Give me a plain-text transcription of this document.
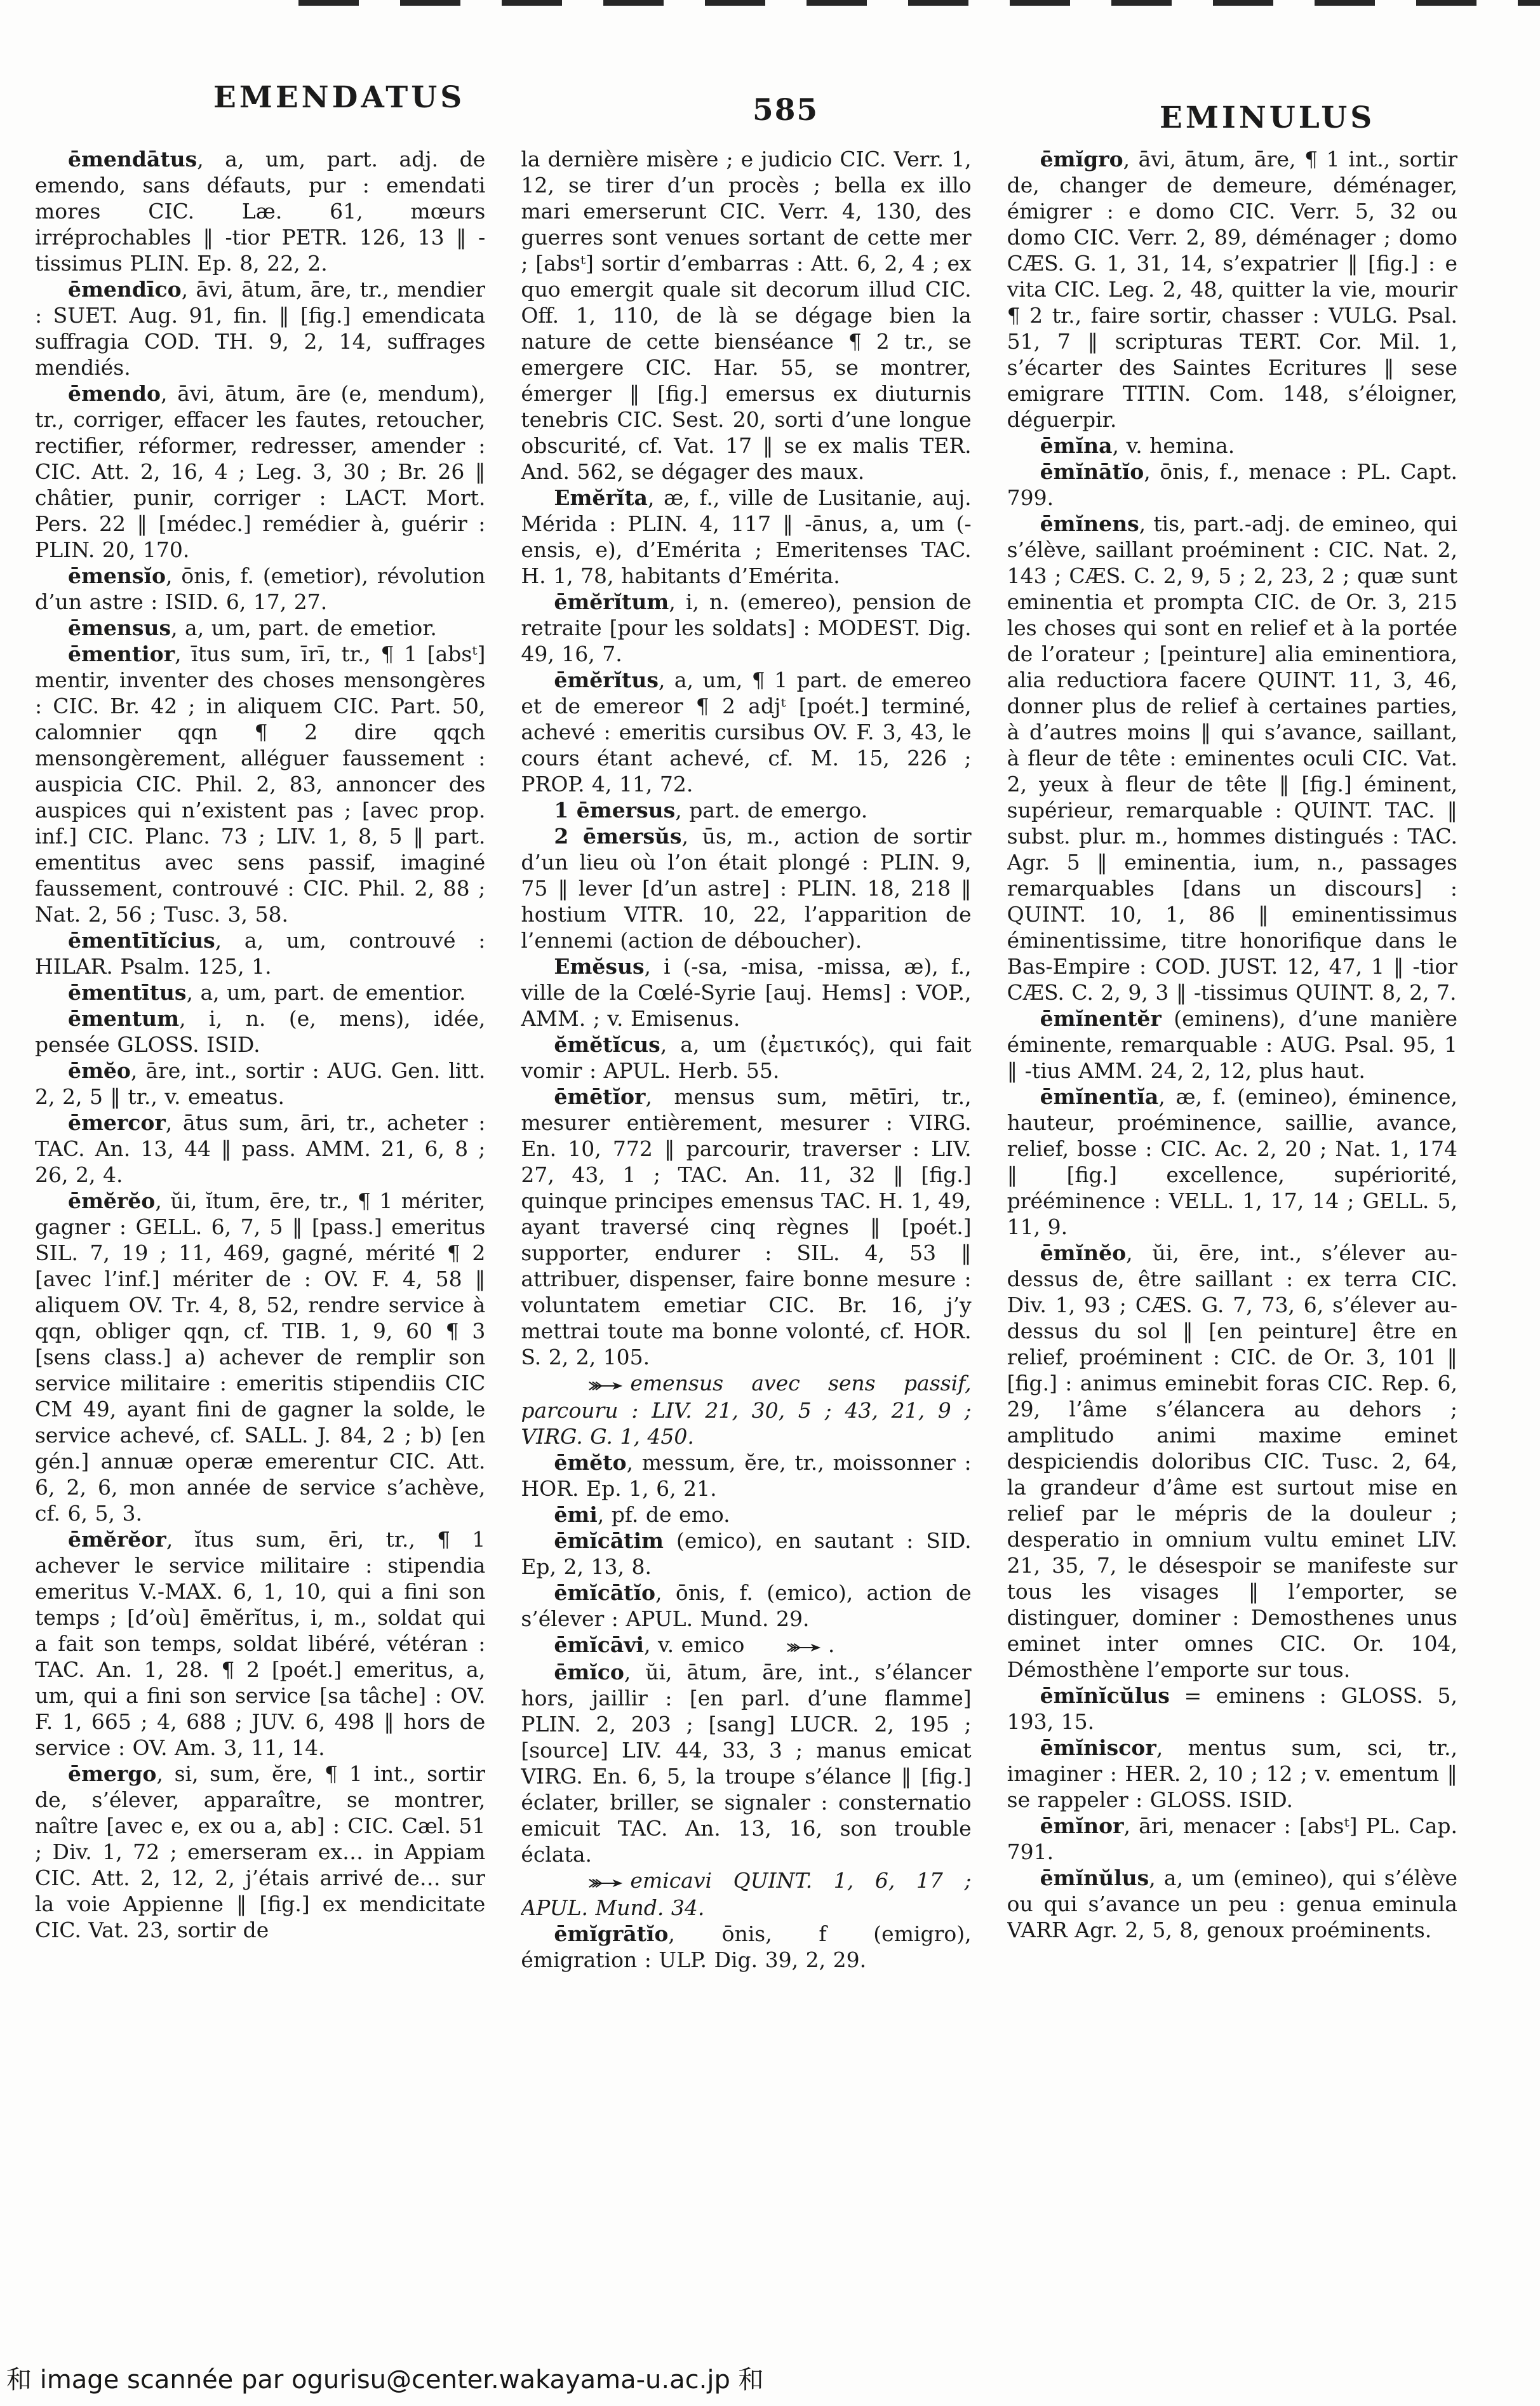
EMENDATUS	585	EMINULUS

ēmendātus, a, um, part. adj. de emendo, sans défauts, pur : emendati mores CIC. Læ. 61, mœurs irréprochables ‖ -tior PETR. 126, 13 ‖ -tissimus PLIN. Ep. 8, 22, 2.

ēmendīco, āvi, ātum, āre, tr., mendier : SUET. Aug. 91, fin. ‖ [fig.] emendicata suffragia COD. TH. 9, 2, 14, suffrages mendiés.

ēmendo, āvi, ātum, āre (e, mendum), tr., corriger, effacer les fautes, retoucher, rectifier, réformer, redresser, amender : CIC. Att. 2, 16, 4 ; Leg. 3, 30 ; Br. 26 ‖ châtier, punir, corriger : LACT. Mort. Pers. 22 ‖ [médec.] remédier à, guérir : PLIN. 20, 170.

ēmensĭo, ōnis, f. (emetior), révolution d’un astre : ISID. 6, 17, 27.

ēmensus, a, um, part. de emetior.

ēmentior, ītus sum, īrī, tr., ¶ 1 [absᵗ] mentir, inventer des choses mensongères : CIC. Br. 42 ; in aliquem CIC. Part. 50, calomnier qqn ¶ 2 dire qqch mensongèrement, alléguer faussement : auspicia CIC. Phil. 2, 83, annoncer des auspices qui n’existent pas ; [avec prop. inf.] CIC. Planc. 73 ; LIV. 1, 8, 5 ‖ part. ementitus avec sens passif, imaginé faussement, controuvé : CIC. Phil. 2, 88 ; Nat. 2, 56 ; Tusc. 3, 58.

ēmentītĭcius, a, um, controuvé : HILAR. Psalm. 125, 1.

ēmentītus, a, um, part. de ementior.

ēmentum, i, n. (e, mens), idée, pensée GLOSS. ISID.

ēmĕo, āre, int., sortir : AUG. Gen. litt. 2, 2, 5 ‖ tr., v. emeatus.

ēmercor, ātus sum, āri, tr., acheter : TAC. An. 13, 44 ‖ pass. AMM. 21, 6, 8 ; 26, 2, 4.

ēmĕrĕo, ŭi, ĭtum, ēre, tr., ¶ 1 mériter, gagner : GELL. 6, 7, 5 ‖ [pass.] emeritus SIL. 7, 19 ; 11, 469, gagné, mérité ¶ 2 [avec l’inf.] mériter de : OV. F. 4, 58 ‖ aliquem OV. Tr. 4, 8, 52, rendre service à qqn, obliger qqn, cf. TIB. 1, 9, 60 ¶ 3 [sens class.] a) achever de remplir son service militaire : emeritis stipendiis CIC CM 49, ayant fini de gagner la solde, le service achevé, cf. SALL. J. 84, 2 ; b) [en gén.] annuæ operæ emerentur CIC. Att. 6, 2, 6, mon année de service s’achève, cf. 6, 5, 3.

ēmĕrĕor, ĭtus sum, ēri, tr., ¶ 1 achever le service militaire : stipendia emeritus V.-MAX. 6, 1, 10, qui a fini son temps ; [d’où] ēmĕrĭtus, i, m., soldat qui a fait son temps, soldat libéré, vétéran : TAC. An. 1, 28. ¶ 2 [poét.] emeritus, a, um, qui a fini son service [sa tâche] : OV. F. 1, 665 ; 4, 688 ; JUV. 6, 498 ‖ hors de service : OV. Am. 3, 11, 14.

ēmergo, si, sum, ĕre, ¶ 1 int., sortir de, s’élever, apparaître, se montrer, naître [avec e, ex ou a, ab] : CIC. Cæl. 51 ; Div. 1, 72 ; emerseram ex… in Appiam CIC. Att. 2, 12, 2, j’étais arrivé de… sur la voie Appienne ‖ [fig.] ex mendicitate CIC. Vat. 23, sortir de

la dernière misère ; e judicio CIC. Verr. 1, 12, se tirer d’un procès ; bella ex illo mari emerserunt CIC. Verr. 4, 130, des guerres sont venues sortant de cette mer ; [absᵗ] sortir d’embarras : Att. 6, 2, 4 ; ex quo emergit quale sit decorum illud CIC. Off. 1, 110, de là se dégage bien la nature de cette bienséance ¶ 2 tr., se emergere CIC. Har. 55, se montrer, émerger ‖ [fig.] emersus ex diuturnis tenebris CIC. Sest. 20, sorti d’une longue obscurité, cf. Vat. 17 ‖ se ex malis TER. And. 562, se dégager des maux.

Emĕrĭta, æ, f., ville de Lusitanie, auj. Mérida : PLIN. 4, 117 ‖ -ānus, a, um (-ensis, e), d’Emérita ; Emeritenses TAC. H. 1, 78, habitants d’Emérita.

ēmĕrĭtum, i, n. (emereo), pension de retraite [pour les soldats] : MODEST. Dig. 49, 16, 7.

ēmĕrĭtus, a, um, ¶ 1 part. de emereo et de emereor ¶ 2 adjᵗ [poét.] terminé, achevé : emeritis cursibus OV. F. 3, 43, le cours étant achevé, cf. M. 15, 226 ; PROP. 4, 11, 72.

1 ēmersus, part. de emergo.

2 ēmersŭs, ūs, m., action de sortir d’un lieu où l’on était plongé : PLIN. 9, 75 ‖ lever [d’un astre] : PLIN. 18, 218 ‖ hostium VITR. 10, 22, l’apparition de l’ennemi (action de déboucher).

Emĕsus, i (-sa, -misa, -missa, æ), f., ville de la Cœlé-Syrie [auj. Hems] : VOP., AMM. ; v. Emisenus.

ĕmĕtĭcus, a, um (ἐμετικός), qui fait vomir : APUL. Herb. 55.

ēmētĭor, mensus sum, mētīri, tr., mesurer entièrement, mesurer : VIRG. En. 10, 772 ‖ parcourir, traverser : LIV. 27, 43, 1 ; TAC. An. 11, 32 ‖ [fig.] quinque principes emensus TAC. H. 1, 49, ayant traversé cinq règnes ‖ [poét.] supporter, endurer : SIL. 4, 53 ‖ attribuer, dispenser, faire bonne mesure : voluntatem emetiar CIC. Br. 16, j’y mettrai toute ma bonne volonté, cf. HOR. S. 2, 2, 105.

emensus avec sens passif, parcouru : LIV. 21, 30, 5 ; 43, 21, 9 ; VIRG. G. 1, 450.

ēmĕto, messum, ĕre, tr., moissonner : HOR. Ep. 1, 6, 21.

ēmi, pf. de emo.

ēmĭcātim (emico), en sautant : SID. Ep, 2, 13, 8.

ēmĭcātĭo, ōnis, f. (emico), action de s’élever : APUL. Mund. 29.

ēmĭcāvi, v. emico	.

ēmĭco, ŭi, ātum, āre, int., s’élancer hors, jaillir : [en parl. d’une flamme] PLIN. 2, 203 ; [sang] LUCR. 2, 195 ; [source] LIV. 44, 33, 3 ; manus emicat VIRG. En. 6, 5, la troupe s’élance ‖ [fig.] éclater, briller, se signaler : consternatio emicuit TAC. An. 13, 16, son trouble éclata.

emicavi QUINT. 1, 6, 17 ; APUL. Mund. 34.

ēmĭgrātĭo, ōnis, f (emigro), émigration : ULP. Dig. 39, 2, 29.

ēmĭgro, āvi, ātum, āre, ¶ 1 int., sortir de, changer de demeure, déménager, émigrer : e domo CIC. Verr. 5, 32 ou domo CIC. Verr. 2, 89, déménager ; domo CÆS. G. 1, 31, 14, s’expatrier ‖ [fig.] : e vita CIC. Leg. 2, 48, quitter la vie, mourir ¶ 2 tr., faire sortir, chasser : VULG. Psal. 51, 7 ‖ scripturas TERT. Cor. Mil. 1, s’écarter des Saintes Ecritures ‖ sese emigrare TITIN. Com. 148, s’éloigner, déguerpir.

ēmĭna, v. hemina.

ēmĭnātĭo, ōnis, f., menace : PL. Capt. 799.

ēmĭnens, tis, part.-adj. de emineo, qui s’élève, saillant proéminent : CIC. Nat. 2, 143 ; CÆS. C. 2, 9, 5 ; 2, 23, 2 ; quæ sunt eminentia et prompta CIC. de Or. 3, 215 les choses qui sont en relief et à la portée de l’orateur ; [peinture] alia eminentiora, alia reductiora facere QUINT. 11, 3, 46, donner plus de relief à certaines parties, à d’autres moins ‖ qui s’avance, saillant, à fleur de tête : eminentes oculi CIC. Vat. 2, yeux à fleur de tête ‖ [fig.] éminent, supérieur, remarquable : QUINT. TAC. ‖ subst. plur. m., hommes distingués : TAC. Agr. 5 ‖ eminentia, ium, n., passages remarquables [dans un discours] : QUINT. 10, 1, 86 ‖ eminentissimus éminentissime, titre honorifique dans le Bas-Empire : COD. JUST. 12, 47, 1 ‖ -tior CÆS. C. 2, 9, 3 ‖ -tissimus QUINT. 8, 2, 7.

ēmĭnentĕr (eminens), d’une manière éminente, remarquable : AUG. Psal. 95, 1 ‖ -tius AMM. 24, 2, 12, plus haut.

ēmĭnentĭa, æ, f. (emineo), éminence, hauteur, proéminence, saillie, avance, relief, bosse : CIC. Ac. 2, 20 ; Nat. 1, 174 ‖ [fig.] excellence, supériorité, prééminence : VELL. 1, 17, 14 ; GELL. 5, 11, 9.

ēmĭnĕo, ŭi, ēre, int., s’élever au-dessus de, être saillant : ex terra CIC. Div. 1, 93 ; CÆS. G. 7, 73, 6, s’élever au-dessus du sol ‖ [en peinture] être en relief, proéminent : CIC. de Or. 3, 101 ‖ [fig.] : animus eminebit foras CIC. Rep. 6, 29, l’âme s’élancera au dehors ; amplitudo animi maxime eminet despiciendis doloribus CIC. Tusc. 2, 64, la grandeur d’âme est surtout mise en relief par le mépris de la douleur ; desperatio in omnium vultu eminet LIV. 21, 35, 7, le désespoir se manifeste sur tous les visages ‖ l’emporter, se distinguer, dominer : Demosthenes unus eminet inter omnes CIC. Or. 104, Démosthène l’emporte sur tous.

ēmĭnĭcŭlus = eminens : GLOSS. 5, 193, 15.

ēmĭniscor, mentus sum, sci, tr., imaginer : HER. 2, 10 ; 12 ; v. ementum ‖ se rappeler : GLOSS. ISID.

ēmĭnor, āri, menacer : [absᵗ] PL. Cap. 791.

ēmĭnŭlus, a, um (emineo), qui s’élève ou qui s’avance un peu : genua eminula VARR Agr. 2, 5, 8, genoux proéminents.

和 image scannée par ogurisu@center.wakayama-u.ac.jp 和
